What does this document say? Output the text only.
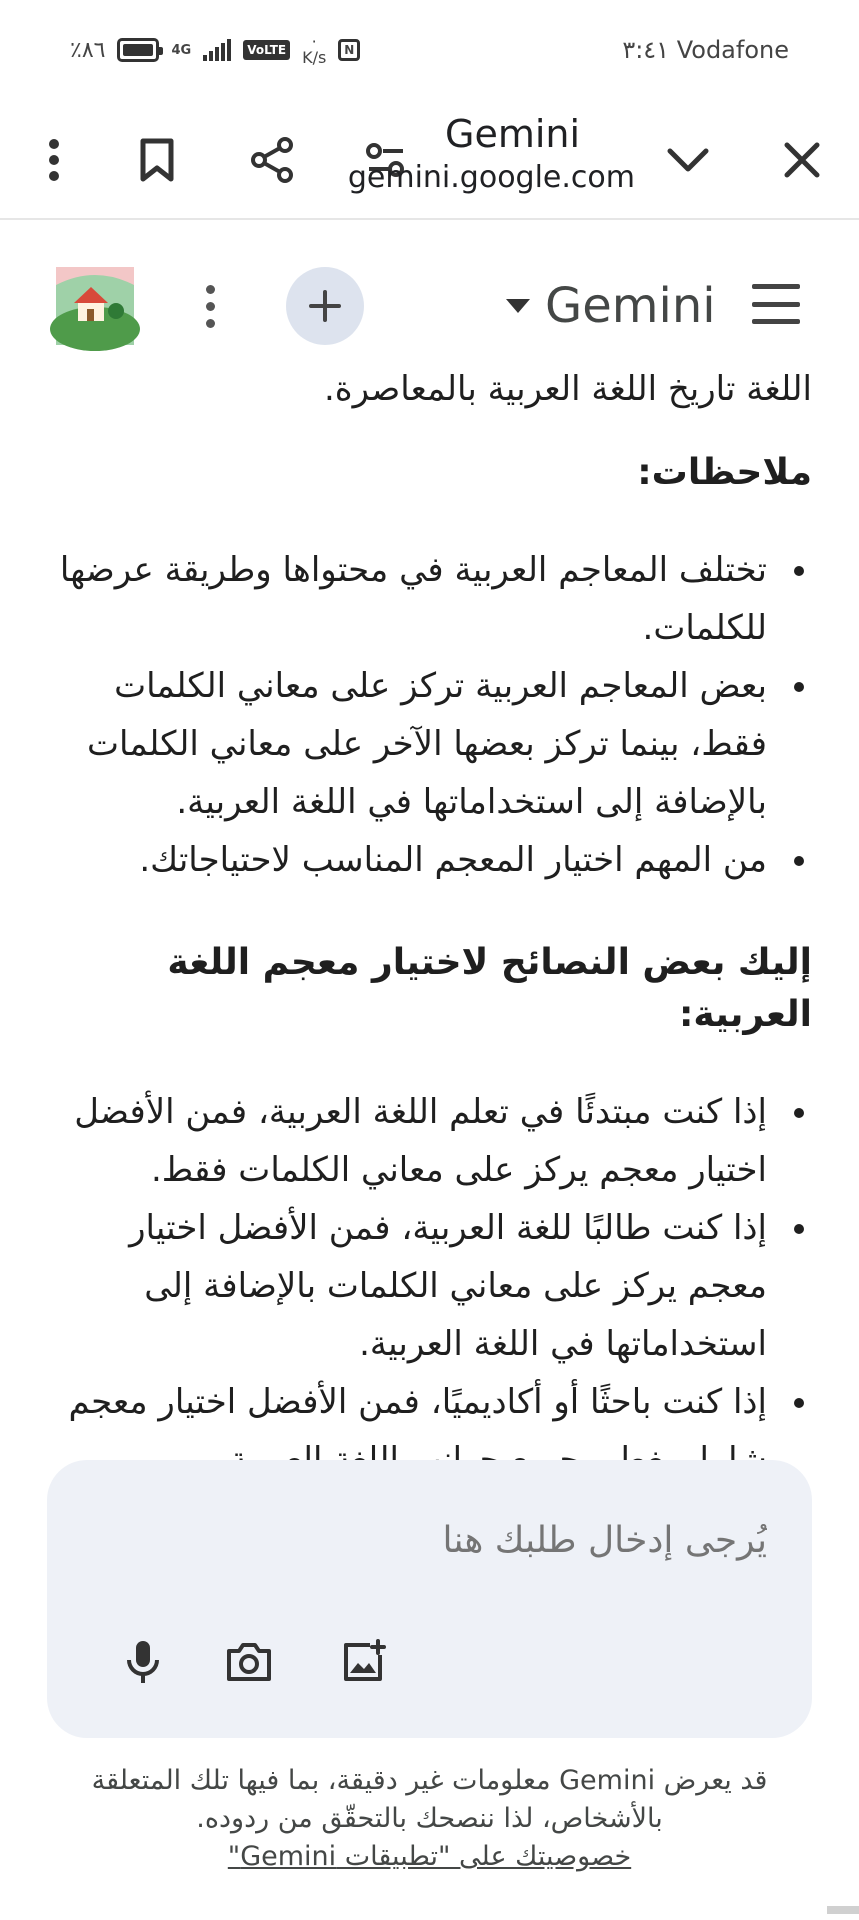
٪٨٦	4G	VoLTE	·
K/s	N	٣:٤١ Vodafone
Gemini
gemini.google.com
Gemini
اللغة تاريخ اللغة العربية بالمعاصرة.
ملاحظات:
تختلف المعاجم العربية في محتواها وطريقة عرضها للكلمات.
بعض المعاجم العربية تركز على معاني الكلمات فقط، بينما تركز بعضها الآخر على معاني الكلمات بالإضافة إلى استخداماتها في اللغة العربية.
من المهم اختيار المعجم المناسب لاحتياجاتك.
إليك بعض النصائح لاختيار معجم اللغة العربية:
إذا كنت مبتدئًا في تعلم اللغة العربية، فمن الأفضل اختيار معجم يركز على معاني الكلمات فقط.
إذا كنت طالبًا للغة العربية، فمن الأفضل اختيار معجم يركز على معاني الكلمات بالإضافة إلى استخداماتها في اللغة العربية.
إذا كنت باحثًا أو أكاديميًا، فمن الأفضل اختيار معجم
يُرجى إدخال طلبك هنا
قد يعرض Gemini معلومات غير دقيقة، بما فيها تلك المتعلقة بالأشخاص، لذا ننصحك بالتحقّق من ردوده.
خصوصيتك على "تطبيقات Gemini"
